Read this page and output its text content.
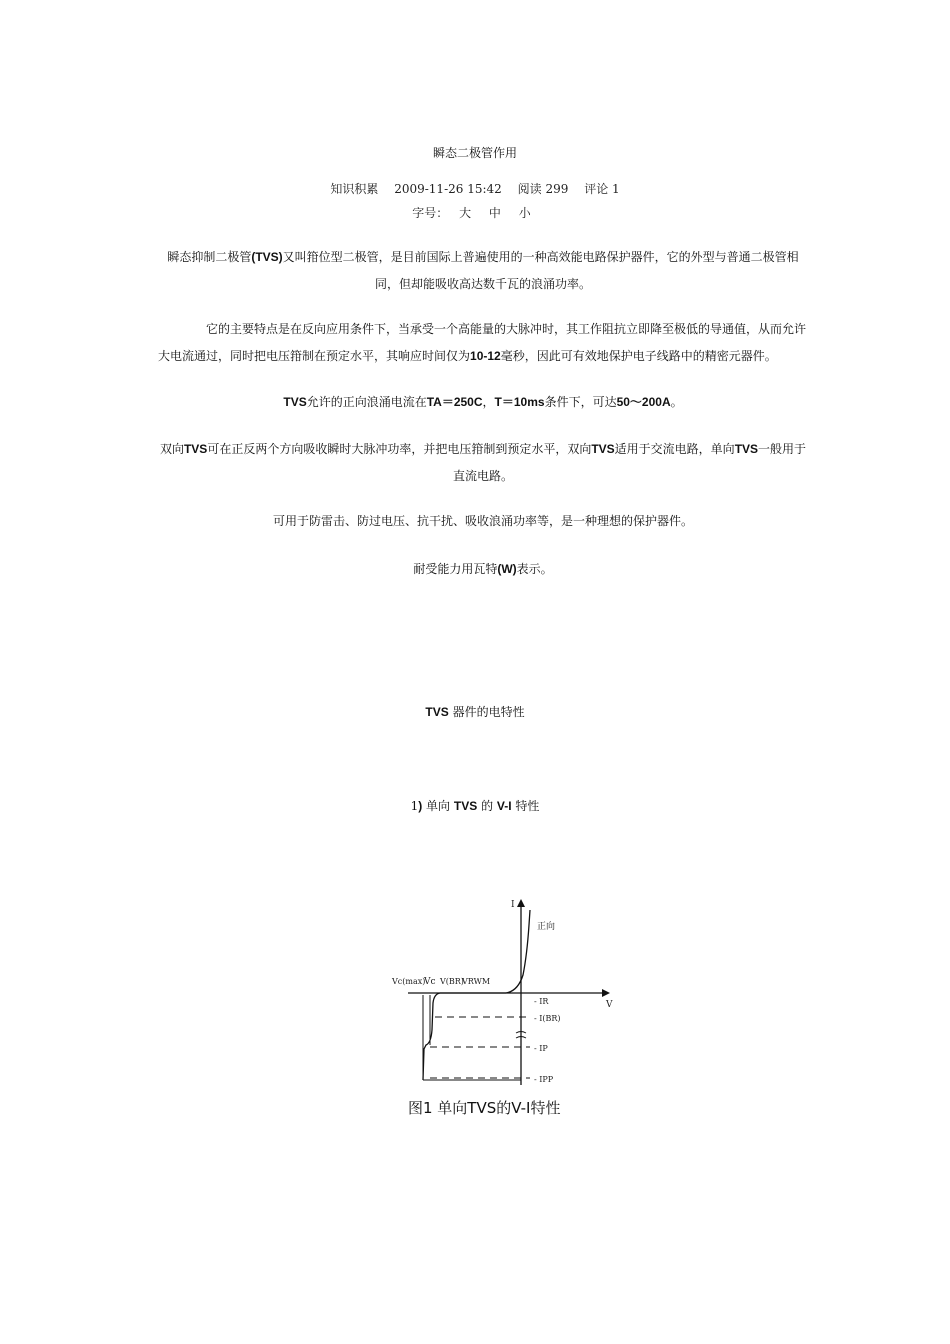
瞬态二极管作用
知识积累 2009-11-26 15:42 阅读 299 评论 1
字号： 大 中 小
瞬态抑制二极管(TVS)又叫箝位型二极管，是目前国际上普遍使用的一种高效能电路保护器件，它的外型与普通二极管相同，但却能吸收高达数千瓦的浪涌功率。
它的主要特点是在反向应用条件下，当承受一个高能量的大脉冲时，其工作阻抗立即降至极低的导通值，从而允许大电流通过，同时把电压箝制在预定水平，其响应时间仅为10-12毫秒，因此可有效地保护电子线路中的精密元器件。
TVS允许的正向浪涌电流在TA＝250C，T＝10ms条件下，可达50～200A。
双向TVS可在正反两个方向吸收瞬时大脉冲功率，并把电压箝制到预定水平，双向TVS适用于交流电路，单向TVS一般用于直流电路。
可用于防雷击、防过电压、抗干扰、吸收浪涌功率等，是一种理想的保护器件。
耐受能力用瓦特(W)表示。
TVS 器件的电特性
1) 单向 TVS 的 V-I 特性
I
V
正向
Vc(max)
Vc V(BR)
VRWM
- IR
- I(BR)
- IP
- IPP
图1 单向TVS的V-I特性
